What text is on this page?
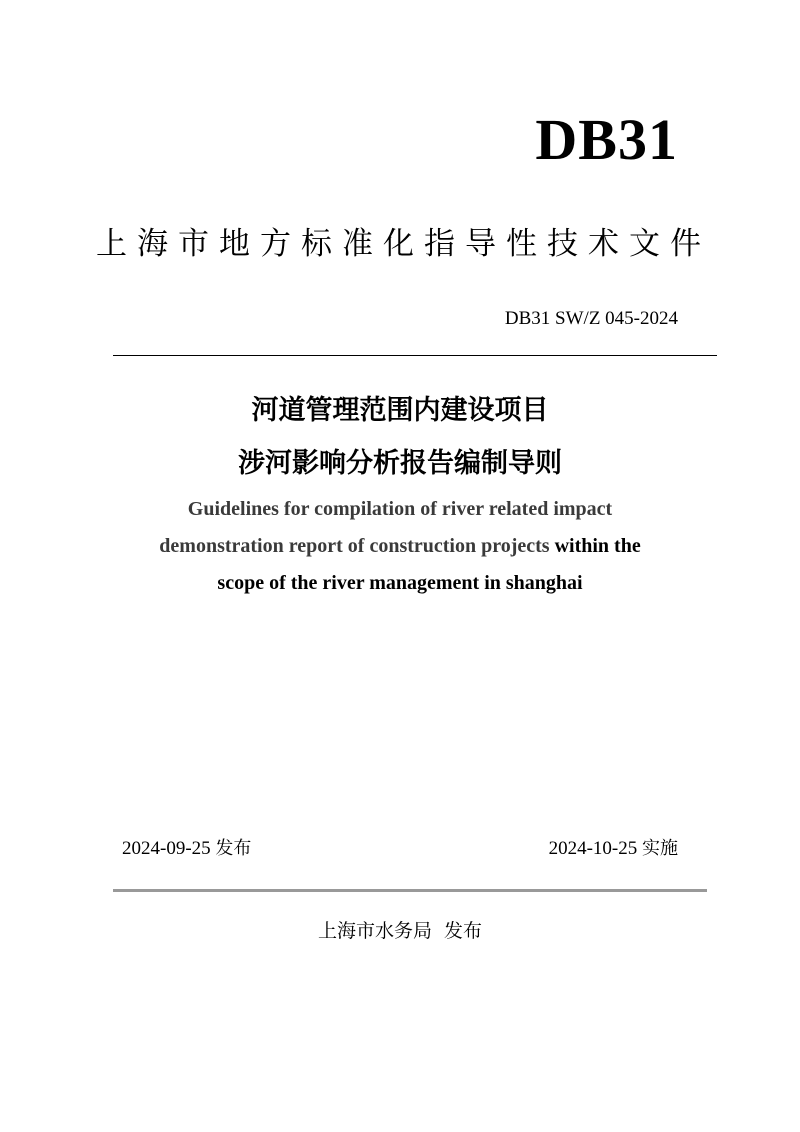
DB31
上海市地方标准化指导性技术文件
DB31 SW/Z 045-2024
河道管理范围内建设项目
涉河影响分析报告编制导则
Guidelines for compilation of river related impact
demonstration report of construction projects within the
scope of the river management in shanghai
2024-09-25 发布	2024-10-25 实施
上海市水务局  发布
